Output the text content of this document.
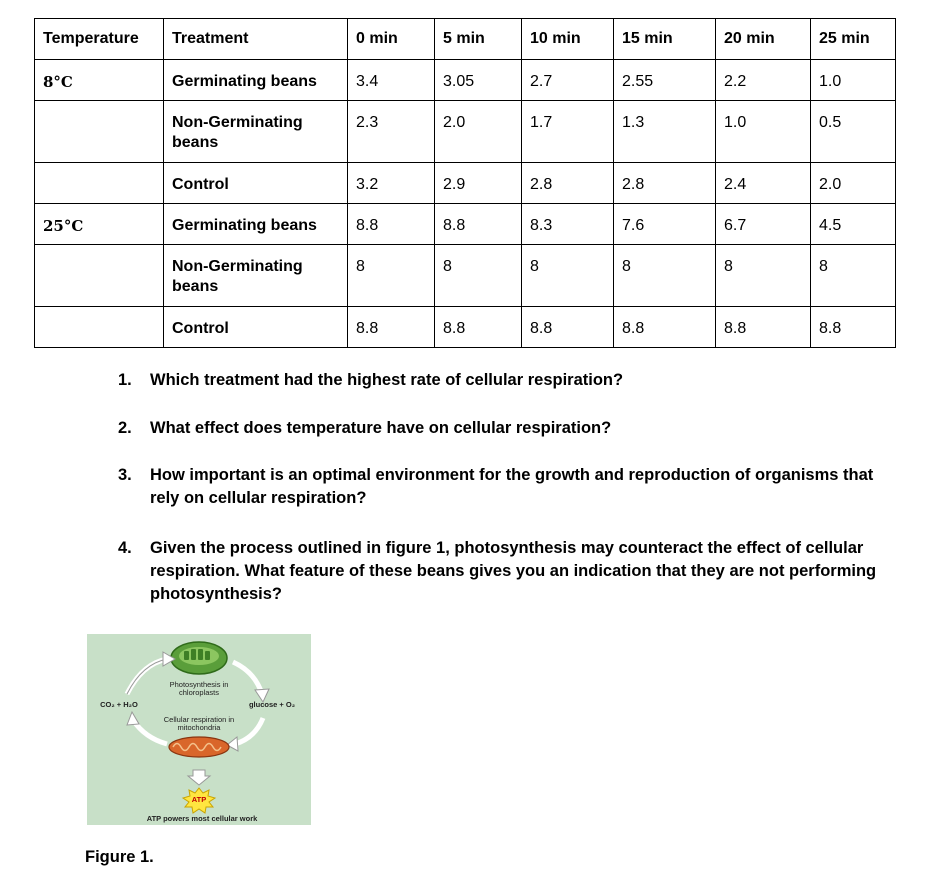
Temperature	Treatment	0 min	5 min	10 min	15 min	20 min	25 min
8°C	Germinating beans	3.4	3.05	2.7	2.55	2.2	1.0
	Non-Germinating beans	2.3	2.0	1.7	1.3	1.0	0.5
	Control	3.2	2.9	2.8	2.8	2.4	2.0
25°C	Germinating beans	8.8	8.8	8.3	7.6	6.7	4.5
	Non-Germinating beans	8	8	8	8	8	8
	Control	8.8	8.8	8.8	8.8	8.8	8.8
1.	Which treatment had the highest rate of cellular respiration?
2.	What effect does temperature have on cellular respiration?
3.	How important is an optimal environment for the growth and reproduction of organisms that rely on cellular respiration?
4.	Given the process outlined in figure 1, photosynthesis may counteract the effect of cellular respiration. What feature of these beans gives you an indication that they are not performing photosynthesis?
Photosynthesis in chloroplasts
CO₂ + H₂O	glucose + O₂
Cellular respiration in mitochondria
ATP
ATP powers most cellular work
Figure 1.
